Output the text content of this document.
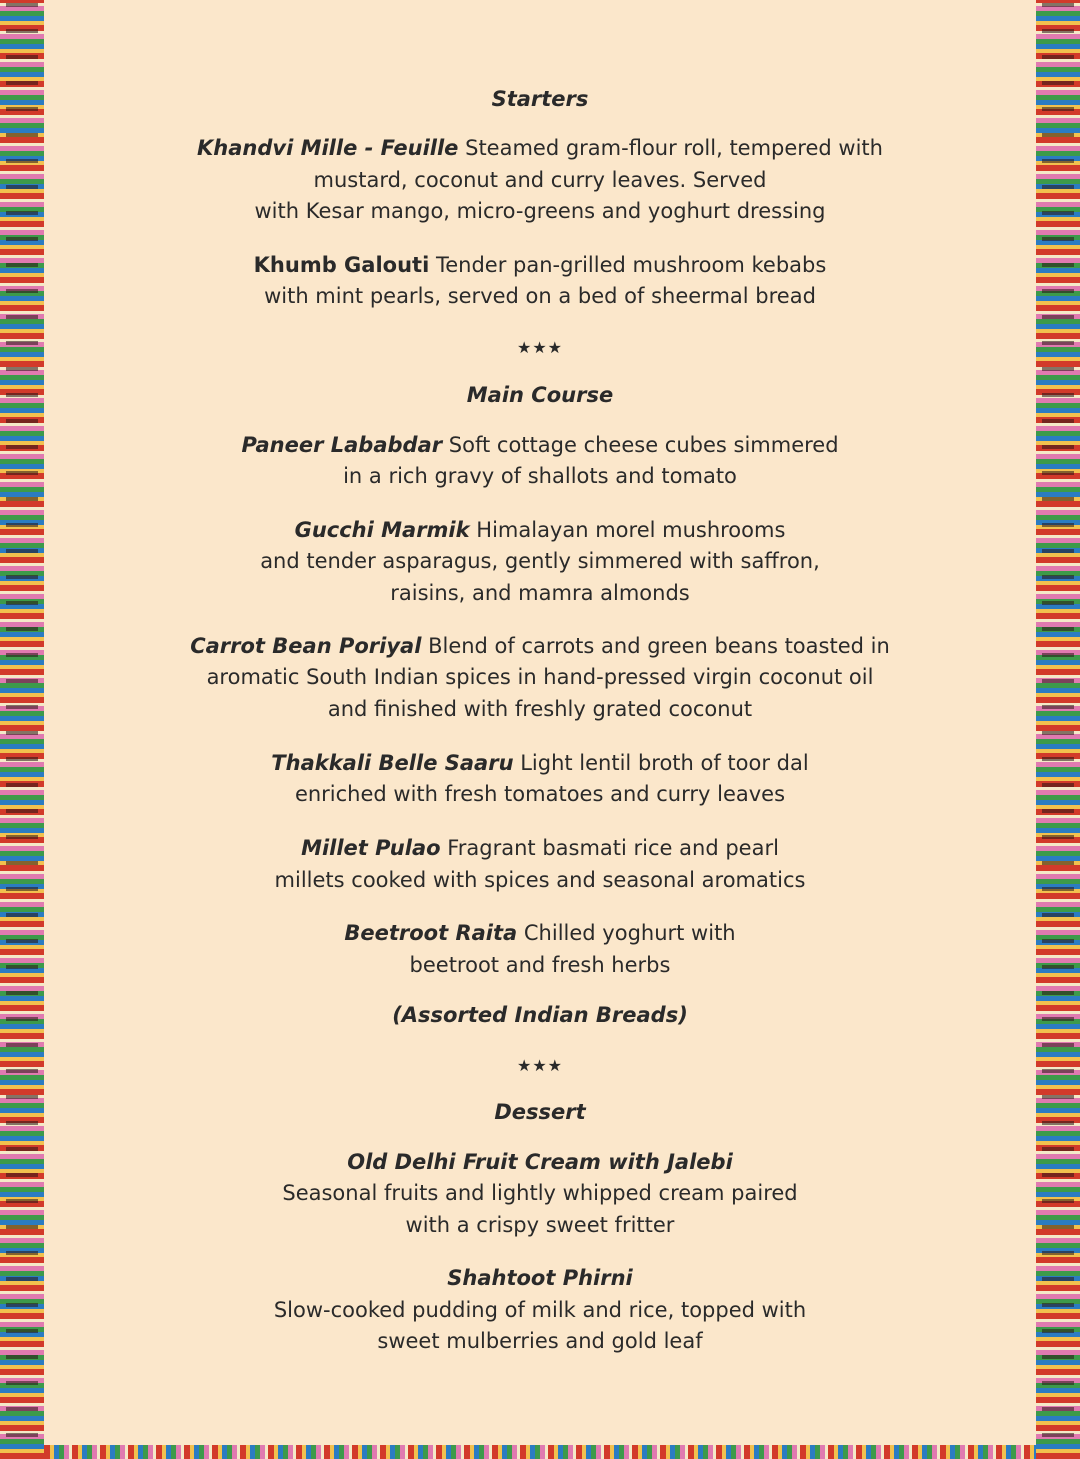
Starters
Khandvi Mille - Feuille Steamed gram-flour roll, tempered with
mustard, coconut and curry leaves. Served
with Kesar mango, micro-greens and yoghurt dressing
Khumb Galouti Tender pan-grilled mushroom kebabs
with mint pearls, served on a bed of sheermal bread
★★★
Main Course
Paneer Lababdar Soft cottage cheese cubes simmered
in a rich gravy of shallots and tomato
Gucchi Marmik Himalayan morel mushrooms
and tender asparagus, gently simmered with saffron,
raisins, and mamra almonds
Carrot Bean Poriyal Blend of carrots and green beans toasted in
aromatic South Indian spices in hand-pressed virgin coconut oil
and finished with freshly grated coconut
Thakkali Belle Saaru Light lentil broth of toor dal
enriched with fresh tomatoes and curry leaves
Millet Pulao Fragrant basmati rice and pearl
millets cooked with spices and seasonal aromatics
Beetroot Raita Chilled yoghurt with
beetroot and fresh herbs
(Assorted Indian Breads)
★★★
Dessert
Old Delhi Fruit Cream with Jalebi
Seasonal fruits and lightly whipped cream paired
with a crispy sweet fritter
Shahtoot Phirni
Slow-cooked pudding of milk and rice, topped with
sweet mulberries and gold leaf
